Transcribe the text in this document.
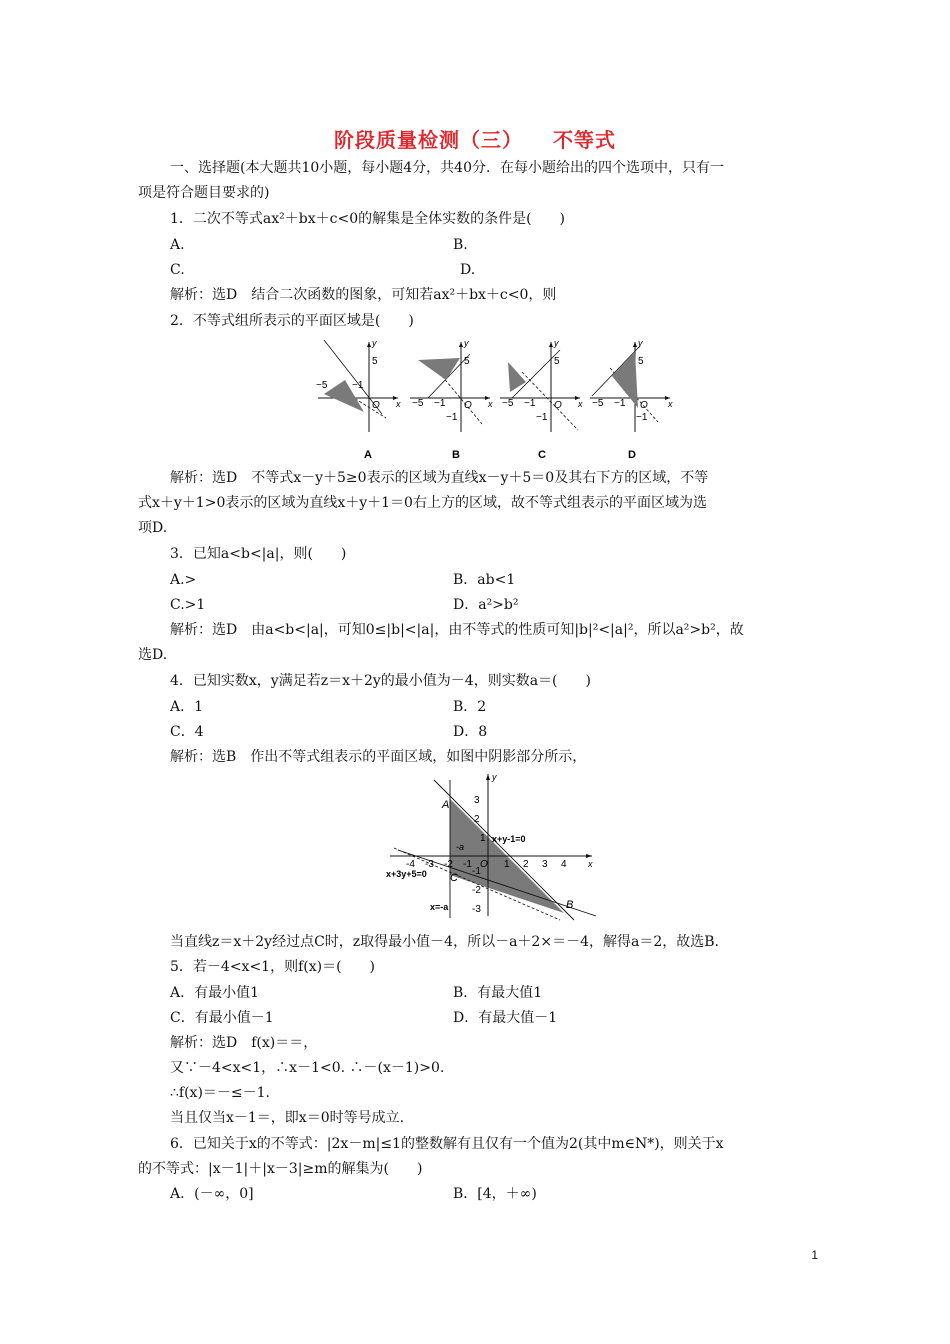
阶段质量检测（三） 不等式
一、选择题(本大题共10小题，每小题4分，共40分．在每小题给出的四个选项中，只有一
项是符合题目要求的)
1．二次不等式ax²＋bx＋c<0的解集是全体实数的条件是(　　)
A.	B.
C.	D.
解析：选D　结合二次函数的图象，可知若ax²＋bx＋c<0，则
2．不等式组所表示的平面区域是(　　)
−5 −1
5
O
y
x
A
−5 −1
5
O
−1
y
x
B
−5 −1
5
O
−1
y
x
C
−5 −1
5
O
−1
y
x
D
解析：选D　不等式x－y＋5≥0表示的区域为直线x－y＋5＝0及其右下方的区域，不等
式x＋y＋1>0表示的区域为直线x＋y＋1＝0右上方的区域，故不等式组表示的平面区域为选
项D.
3．已知a<b<|a|，则(　　)
A.>	B．ab<1
C.>1	D．a²>b²
解析：选D　由a<b<|a|，可知0≤|b|<|a|，由不等式的性质可知|b|²<|a|²，所以a²>b²，故
选D.
4．已知实数x，y满足若z＝x＋2y的最小值为－4，则实数a＝(　　)
A．1	B．2
C．4	D．8
解析：选B　作出不等式组表示的平面区域，如图中阴影部分所示，
3
2
1
-1
-2
-3
-4 -3 -2 -1	1 2 3 4
O
y
x
A
C
B
-a
x+y-1=0
x+3y+5=0
x=-a
当直线z＝x＋2y经过点C时，z取得最小值－4，所以－a＋2×＝－4，解得a＝2，故选B.
5．若－4<x<1，则f(x)＝(　　)
A．有最小值1	B．有最大值1
C．有最小值－1	D．有最大值－1
解析：选D　f(x)＝＝，
又∵－4<x<1，∴x－1<0. ∴－(x－1)>0.
∴f(x)＝－≤－1.
当且仅当x－1＝，即x＝0时等号成立.
6．已知关于x的不等式：|2x－m|≤1的整数解有且仅有一个值为2(其中m∈N*)，则关于x
的不等式：|x－1|＋|x－3|≥m的解集为(　　)
A．(－∞，0]	B．[4，＋∞)
1
